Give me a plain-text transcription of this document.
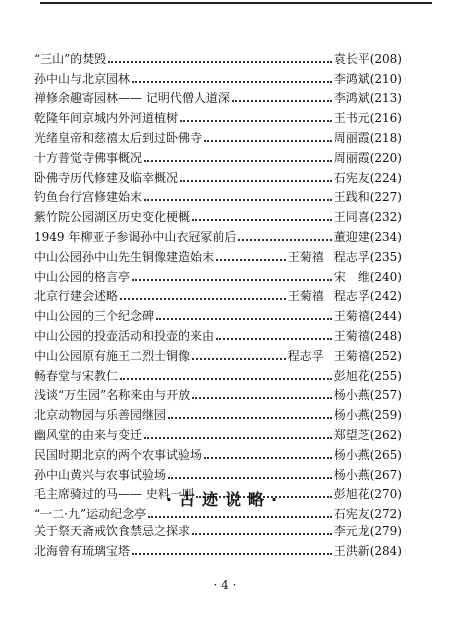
“三山”的焚毁	袁长平 (208)
孙中山与北京园林	李鸿斌 (210)
禅修余趣寄园林—— 记明代僧人道深	李鸿斌 (213)
乾隆年间京城内外河道植树	王书元 (216)
光绪皇帝和慈禧太后到过卧佛寺	周丽霞 (218)
十方普觉寺佛事概况	周丽霞 (220)
卧佛寺历代修建及临幸概况	石宪友 (224)
钓鱼台行宫修建始末	王践和 (227)
紫竹院公园湖区历史变化梗概	王同喜 (232)
1949 年柳亚子参谒孙中山衣冠冢前后	董迎建 (234)
中山公园孙中山先生铜像建造始末	王菊禧 程志孚 (235)
中山公园的格言亭	宋　维 (240)
北京行建会述略	王菊禧 程志孚 (242)
中山公园的三个纪念碑	王菊禧 (244)
中山公园的投壶活动和投壶的来由	王菊禧 (248)
中山公园原有施王二烈士铜像	程志孚 王菊禧 (252)
畅春堂与宋教仁	彭旭花 (255)
浅谈“万生园”名称来由与开放	杨小燕 (257)
北京动物园与乐善园继园	杨小燕 (259)
幽风堂的由来与变迁	郑望芝 (262)
民国时期北京的两个农事试验场	杨小燕 (265)
孙中山黄兴与农事试验场	杨小燕 (267)
毛主席骑过的马—— 史料一则	彭旭花 (270)
“一二·九”运动纪念亭	石宪友 (272)
·古迹说略·
关于祭天斋戒饮食禁忌之探求	李元龙 (279)
北海曾有琉璃宝塔	王洪新 (284)
· 4 ·
